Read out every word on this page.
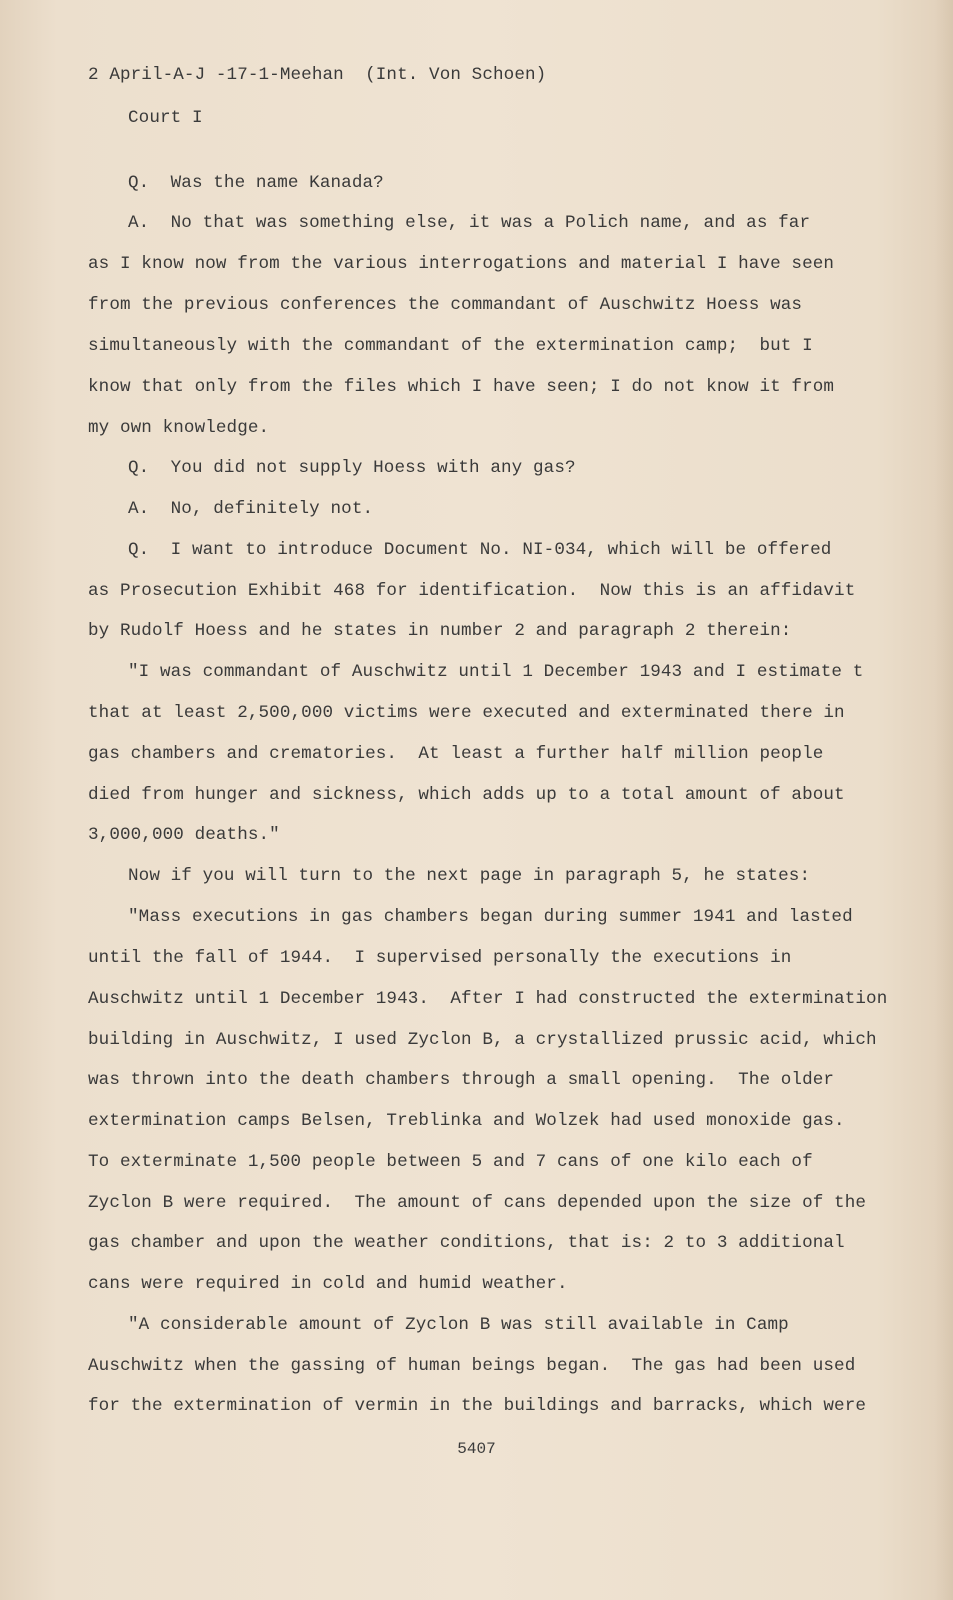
2 April-A-J -17-1-Meehan  (Int. Von Schoen)
Court I
Q.  Was the name Kanada?
A.  No that was something else, it was a Polich name, and as far
as I know now from the various interrogations and material I have seen
from the previous conferences the commandant of Auschwitz Hoess was
simultaneously with the commandant of the extermination camp;  but I
know that only from the files which I have seen; I do not know it from
my own knowledge.
Q.  You did not supply Hoess with any gas?
A.  No, definitely not.
Q.  I want to introduce Document No. NI-034, which will be offered
as Prosecution Exhibit 468 for identification.  Now this is an affidavit
by Rudolf Hoess and he states in number 2 and paragraph 2 therein:
"I was commandant of Auschwitz until 1 December 1943 and I estimate t
that at least 2,500,000 victims were executed and exterminated there in
gas chambers and crematories.  At least a further half million people
died from hunger and sickness, which adds up to a total amount of about
3,000,000 deaths."
Now if you will turn to the next page in paragraph 5, he states:
"Mass executions in gas chambers began during summer 1941 and lasted
until the fall of 1944.  I supervised personally the executions in
Auschwitz until 1 December 1943.  After I had constructed the extermination
building in Auschwitz, I used Zyclon B, a crystallized prussic acid, which
was thrown into the death chambers through a small opening.  The older
extermination camps Belsen, Treblinka and Wolzek had used monoxide gas.
To exterminate 1,500 people between 5 and 7 cans of one kilo each of
Zyclon B were required.  The amount of cans depended upon the size of the
gas chamber and upon the weather conditions, that is: 2 to 3 additional
cans were required in cold and humid weather.
"A considerable amount of Zyclon B was still available in Camp
Auschwitz when the gassing of human beings began.  The gas had been used
for the extermination of vermin in the buildings and barracks, which were
5407
